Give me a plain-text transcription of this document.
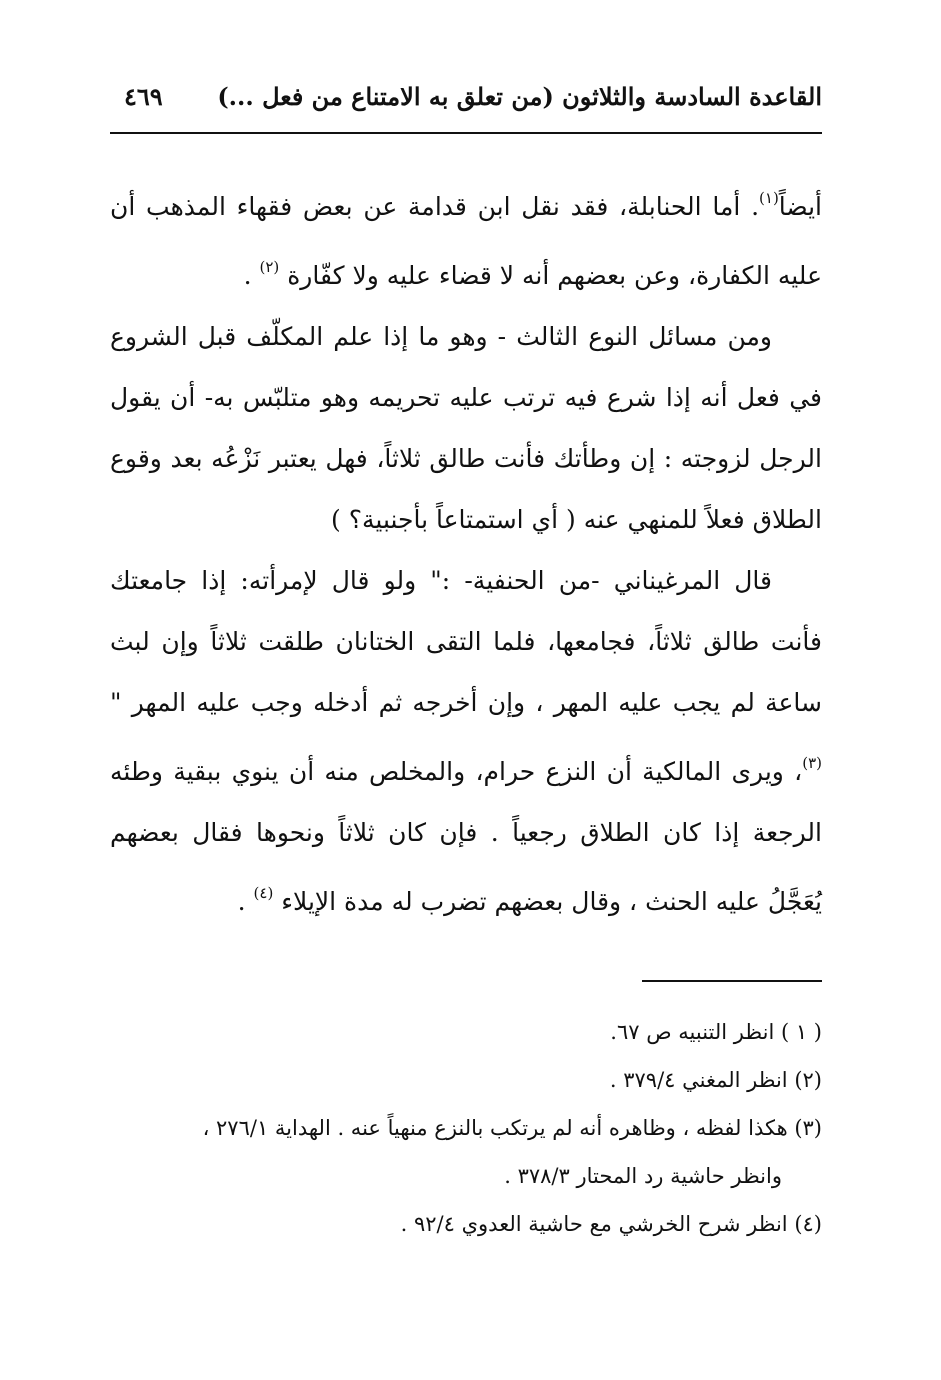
القاعدة السادسة والثلاثون (من تعلق به الامتناع من فعل ...)
٤٦٩

أيضاً$^{(١)}$. أما الحنابلة، فقد نقل ابن قدامة عن بعض فقهاء المذهب أن عليه الكفارة، وعن بعضهم أنه لا قضاء عليه ولا كفّارة $^{(٢)}$ .

ومن مسائل النوع الثالث - وهو ما إذا علم المكلّف قبل الشروع في فعل أنه إذا شرع فيه ترتب عليه تحريمه وهو متلبّس به- أن يقول الرجل لزوجته : إن وطأتك فأنت طالق ثلاثاً، فهل يعتبر نَزْعُه بعد وقوع الطلاق فعلاً للمنهي عنه ( أي استمتاعاً بأجنبية؟ )

قال المرغيناني -من الحنفية- :" ولو قال لإمرأته: إذا جامعتك فأنت طالق ثلاثاً، فجامعها، فلما التقى الختانان طلقت ثلاثاً وإن لبث ساعة لم يجب عليه المهر ، وإن أخرجه ثم أدخله وجب عليه المهر " $^{(٣)}$، ويرى المالكية أن النزع حرام، والمخلص منه أن ينوي ببقية وطئه الرجعة إذا كان الطلاق رجعياً . فإن كان ثلاثاً ونحوها فقال بعضهم يُعَجَّلُ عليه الحنث ، وقال بعضهم تضرب له مدة الإيلاء $^{(٤)}$ .

( ١ ) انظر التنبيه ص ٦٧.

(٢) انظر المغني ٣٧٩/٤ .

(٣) هكذا لفظه ، وظاهره أنه لم يرتكب بالنزع منهياً عنه . الهداية ٢٧٦/١ ،

وانظر حاشية رد المحتار ٣٧٨/٣ .

(٤) انظر شرح الخرشي مع حاشية العدوي ٩٢/٤ .
